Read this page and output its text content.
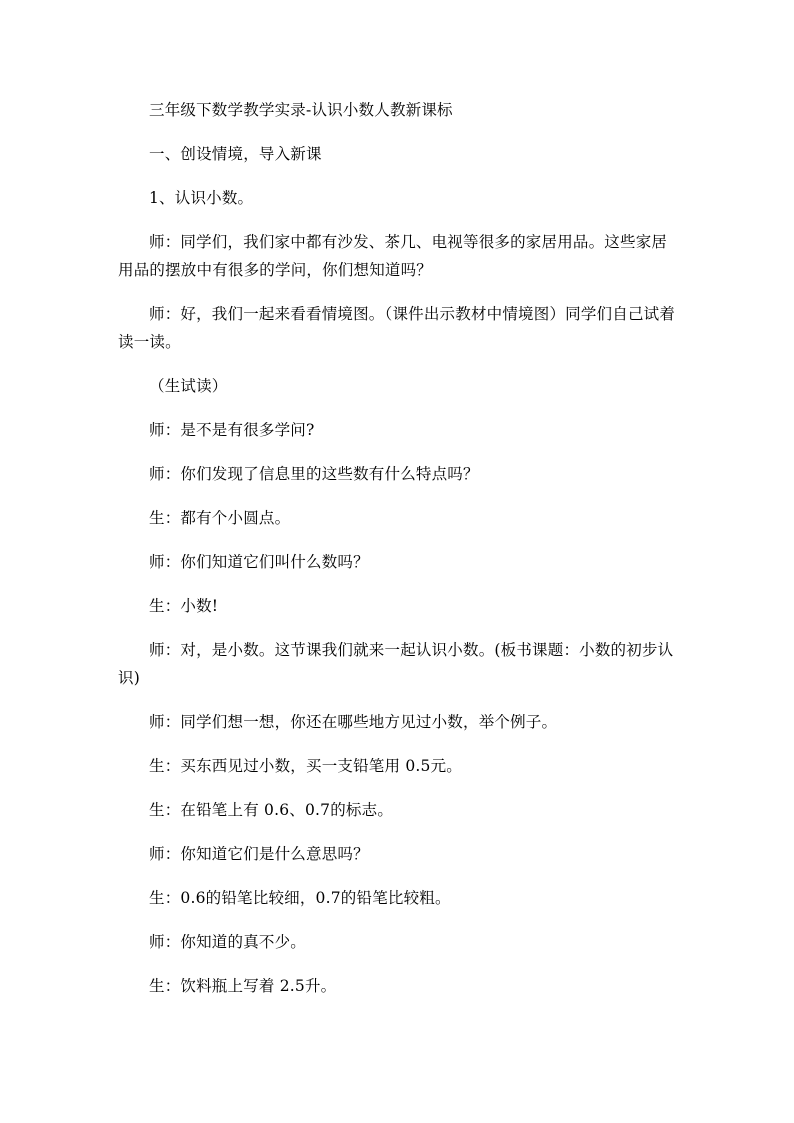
三年级下数学教学实录-认识小数人教新课标

一、创设情境，导入新课

1、认识小数。

师：同学们，我们家中都有沙发、茶几、电视等很多的家居用品。这些家居用品的摆放中有很多的学问，你们想知道吗？

师：好，我们一起来看看情境图。（课件出示教材中情境图）同学们自己试着读一读。

（生试读）

师：是不是有很多学问?

师：你们发现了信息里的这些数有什么特点吗？

生：都有个小圆点。

师：你们知道它们叫什么数吗？

生：小数!

师：对，是小数。这节课我们就来一起认识小数。(板书课题：小数的初步认识)

师：同学们想一想，你还在哪些地方见过小数，举个例子。

生：买东西见过小数，买一支铅笔用 0.5元。

生：在铅笔上有 0.6、0.7的标志。

师：你知道它们是什么意思吗？

生：0.6的铅笔比较细，0.7的铅笔比较粗。

师：你知道的真不少。

生：饮料瓶上写着 2.5升。
